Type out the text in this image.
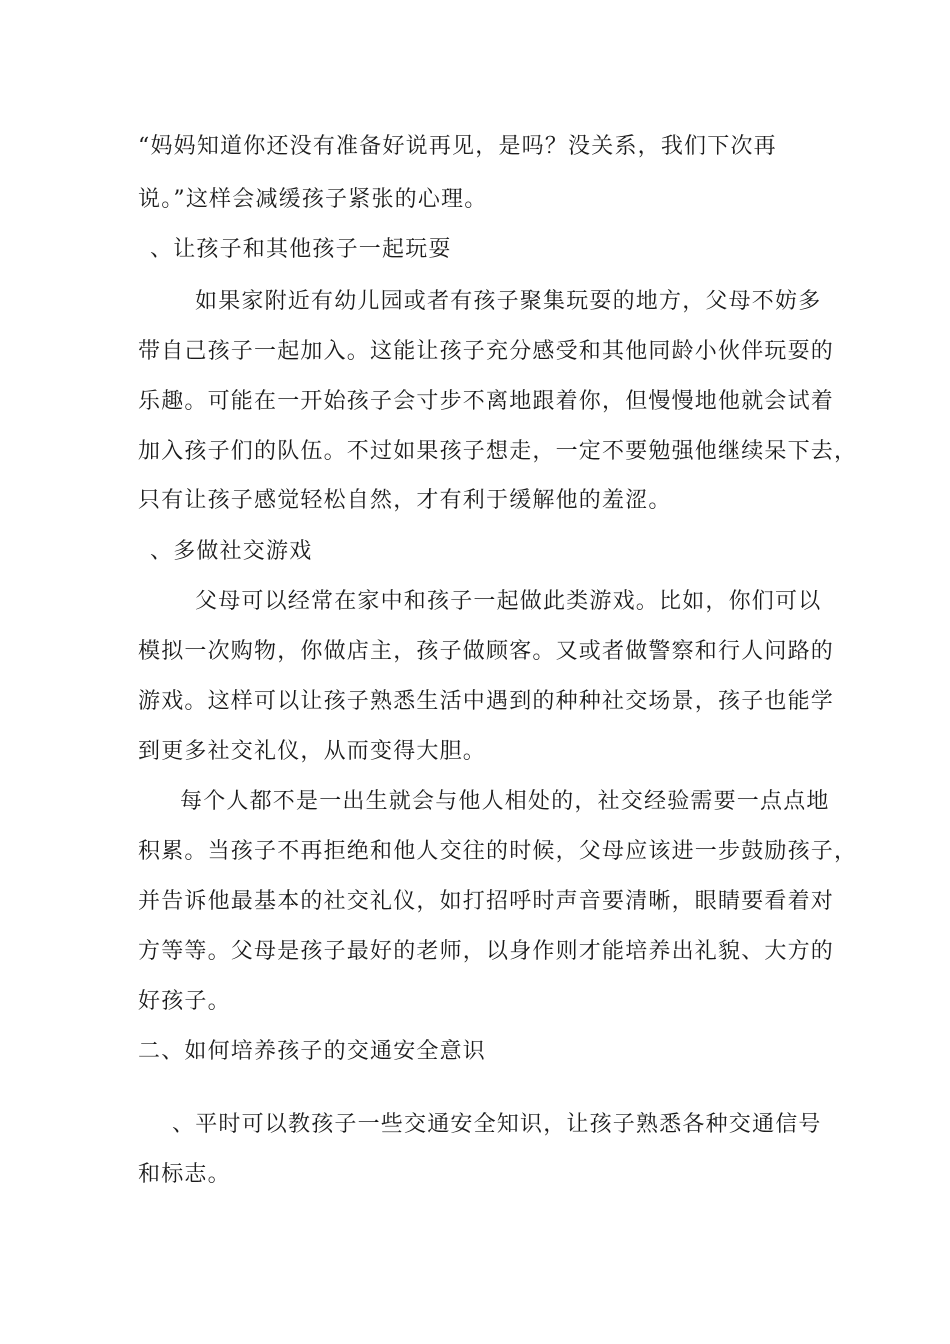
“妈妈知道你还没有准备好说再见，是吗？没关系，我们下次再
说。”这样会减缓孩子紧张的心理。
、让孩子和其他孩子一起玩耍
如果家附近有幼儿园或者有孩子聚集玩耍的地方，父母不妨多
带自己孩子一起加入。这能让孩子充分感受和其他同龄小伙伴玩耍的
乐趣。可能在一开始孩子会寸步不离地跟着你，但慢慢地他就会试着
加入孩子们的队伍。不过如果孩子想走，一定不要勉强他继续呆下去，
只有让孩子感觉轻松自然，才有利于缓解他的羞涩。
、多做社交游戏
父母可以经常在家中和孩子一起做此类游戏。比如，你们可以
模拟一次购物，你做店主，孩子做顾客。又或者做警察和行人问路的
游戏。这样可以让孩子熟悉生活中遇到的种种社交场景，孩子也能学
到更多社交礼仪，从而变得大胆。
每个人都不是一出生就会与他人相处的，社交经验需要一点点地
积累。当孩子不再拒绝和他人交往的时候，父母应该进一步鼓励孩子，
并告诉他最基本的社交礼仪，如打招呼时声音要清晰，眼睛要看着对
方等等。父母是孩子最好的老师，以身作则才能培养出礼貌、大方的
好孩子。
二、如何培养孩子的交通安全意识
、平时可以教孩子一些交通安全知识，让孩子熟悉各种交通信号
和标志。
